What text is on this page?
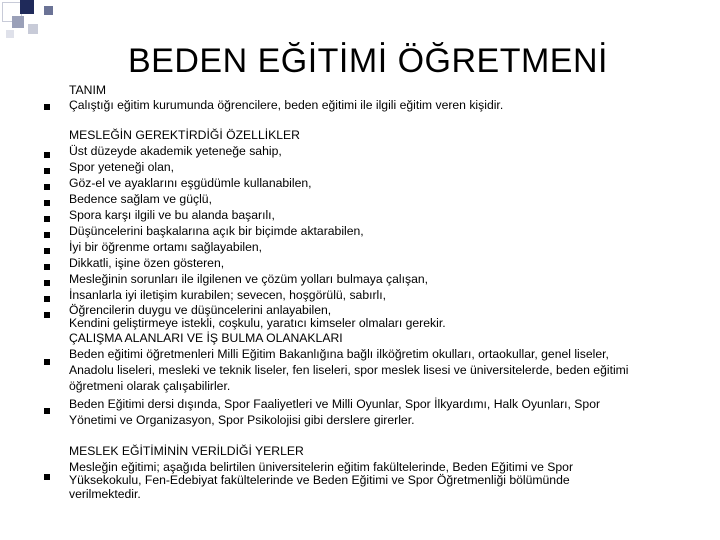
BEDEN EĞİTİMİ ÖĞRETMENİ
TANIM
Çalıştığı eğitim kurumunda öğrencilere, beden eğitimi ile ilgili eğitim veren kişidir.
MESLEĞİN GEREKTİRDİĞİ ÖZELLİKLER
Üst düzeyde akademik yeteneğe sahip,
Spor yeteneği olan,
Göz-el ve ayaklarını eşgüdümle kullanabilen,
Bedence sağlam ve güçlü,
Spora karşı ilgili ve bu alanda başarılı,
Düşüncelerini başkalarına açık bir biçimde aktarabilen,
İyi bir öğrenme ortamı sağlayabilen,
Dikkatli, işine özen gösteren,
Mesleğinin sorunları ile ilgilenen ve çözüm yolları bulmaya çalışan,
İnsanlarla iyi iletişim kurabilen; sevecen, hoşgörülü, sabırlı,
Öğrencilerin duygu ve düşüncelerini anlayabilen,
Kendini geliştirmeye istekli, coşkulu, yaratıcı kimseler olmaları gerekir.
ÇALIŞMA ALANLARI VE İŞ BULMA OLANAKLARI
Beden eğitimi öğretmenleri Milli Eğitim Bakanlığına bağlı ilköğretim okulları, ortaokullar, genel liseler,
Anadolu liseleri, mesleki ve teknik liseler, fen liseleri, spor meslek lisesi ve üniversitelerde, beden eğitimi
öğretmeni olarak çalışabilirler.
Beden Eğitimi dersi dışında, Spor Faaliyetleri ve Milli Oyunlar, Spor İlkyardımı, Halk Oyunları, Spor
Yönetimi ve Organizasyon, Spor Psikolojisi gibi derslere girerler.
MESLEK EĞİTİMİNİN VERİLDİĞİ YERLER
Mesleğin eğitimi; aşağıda belirtilen üniversitelerin eğitim fakültelerinde, Beden Eğitimi ve Spor
Yüksekokulu, Fen-Edebiyat fakültelerinde ve Beden Eğitimi ve Spor Öğretmenliği bölümünde
verilmektedir.
